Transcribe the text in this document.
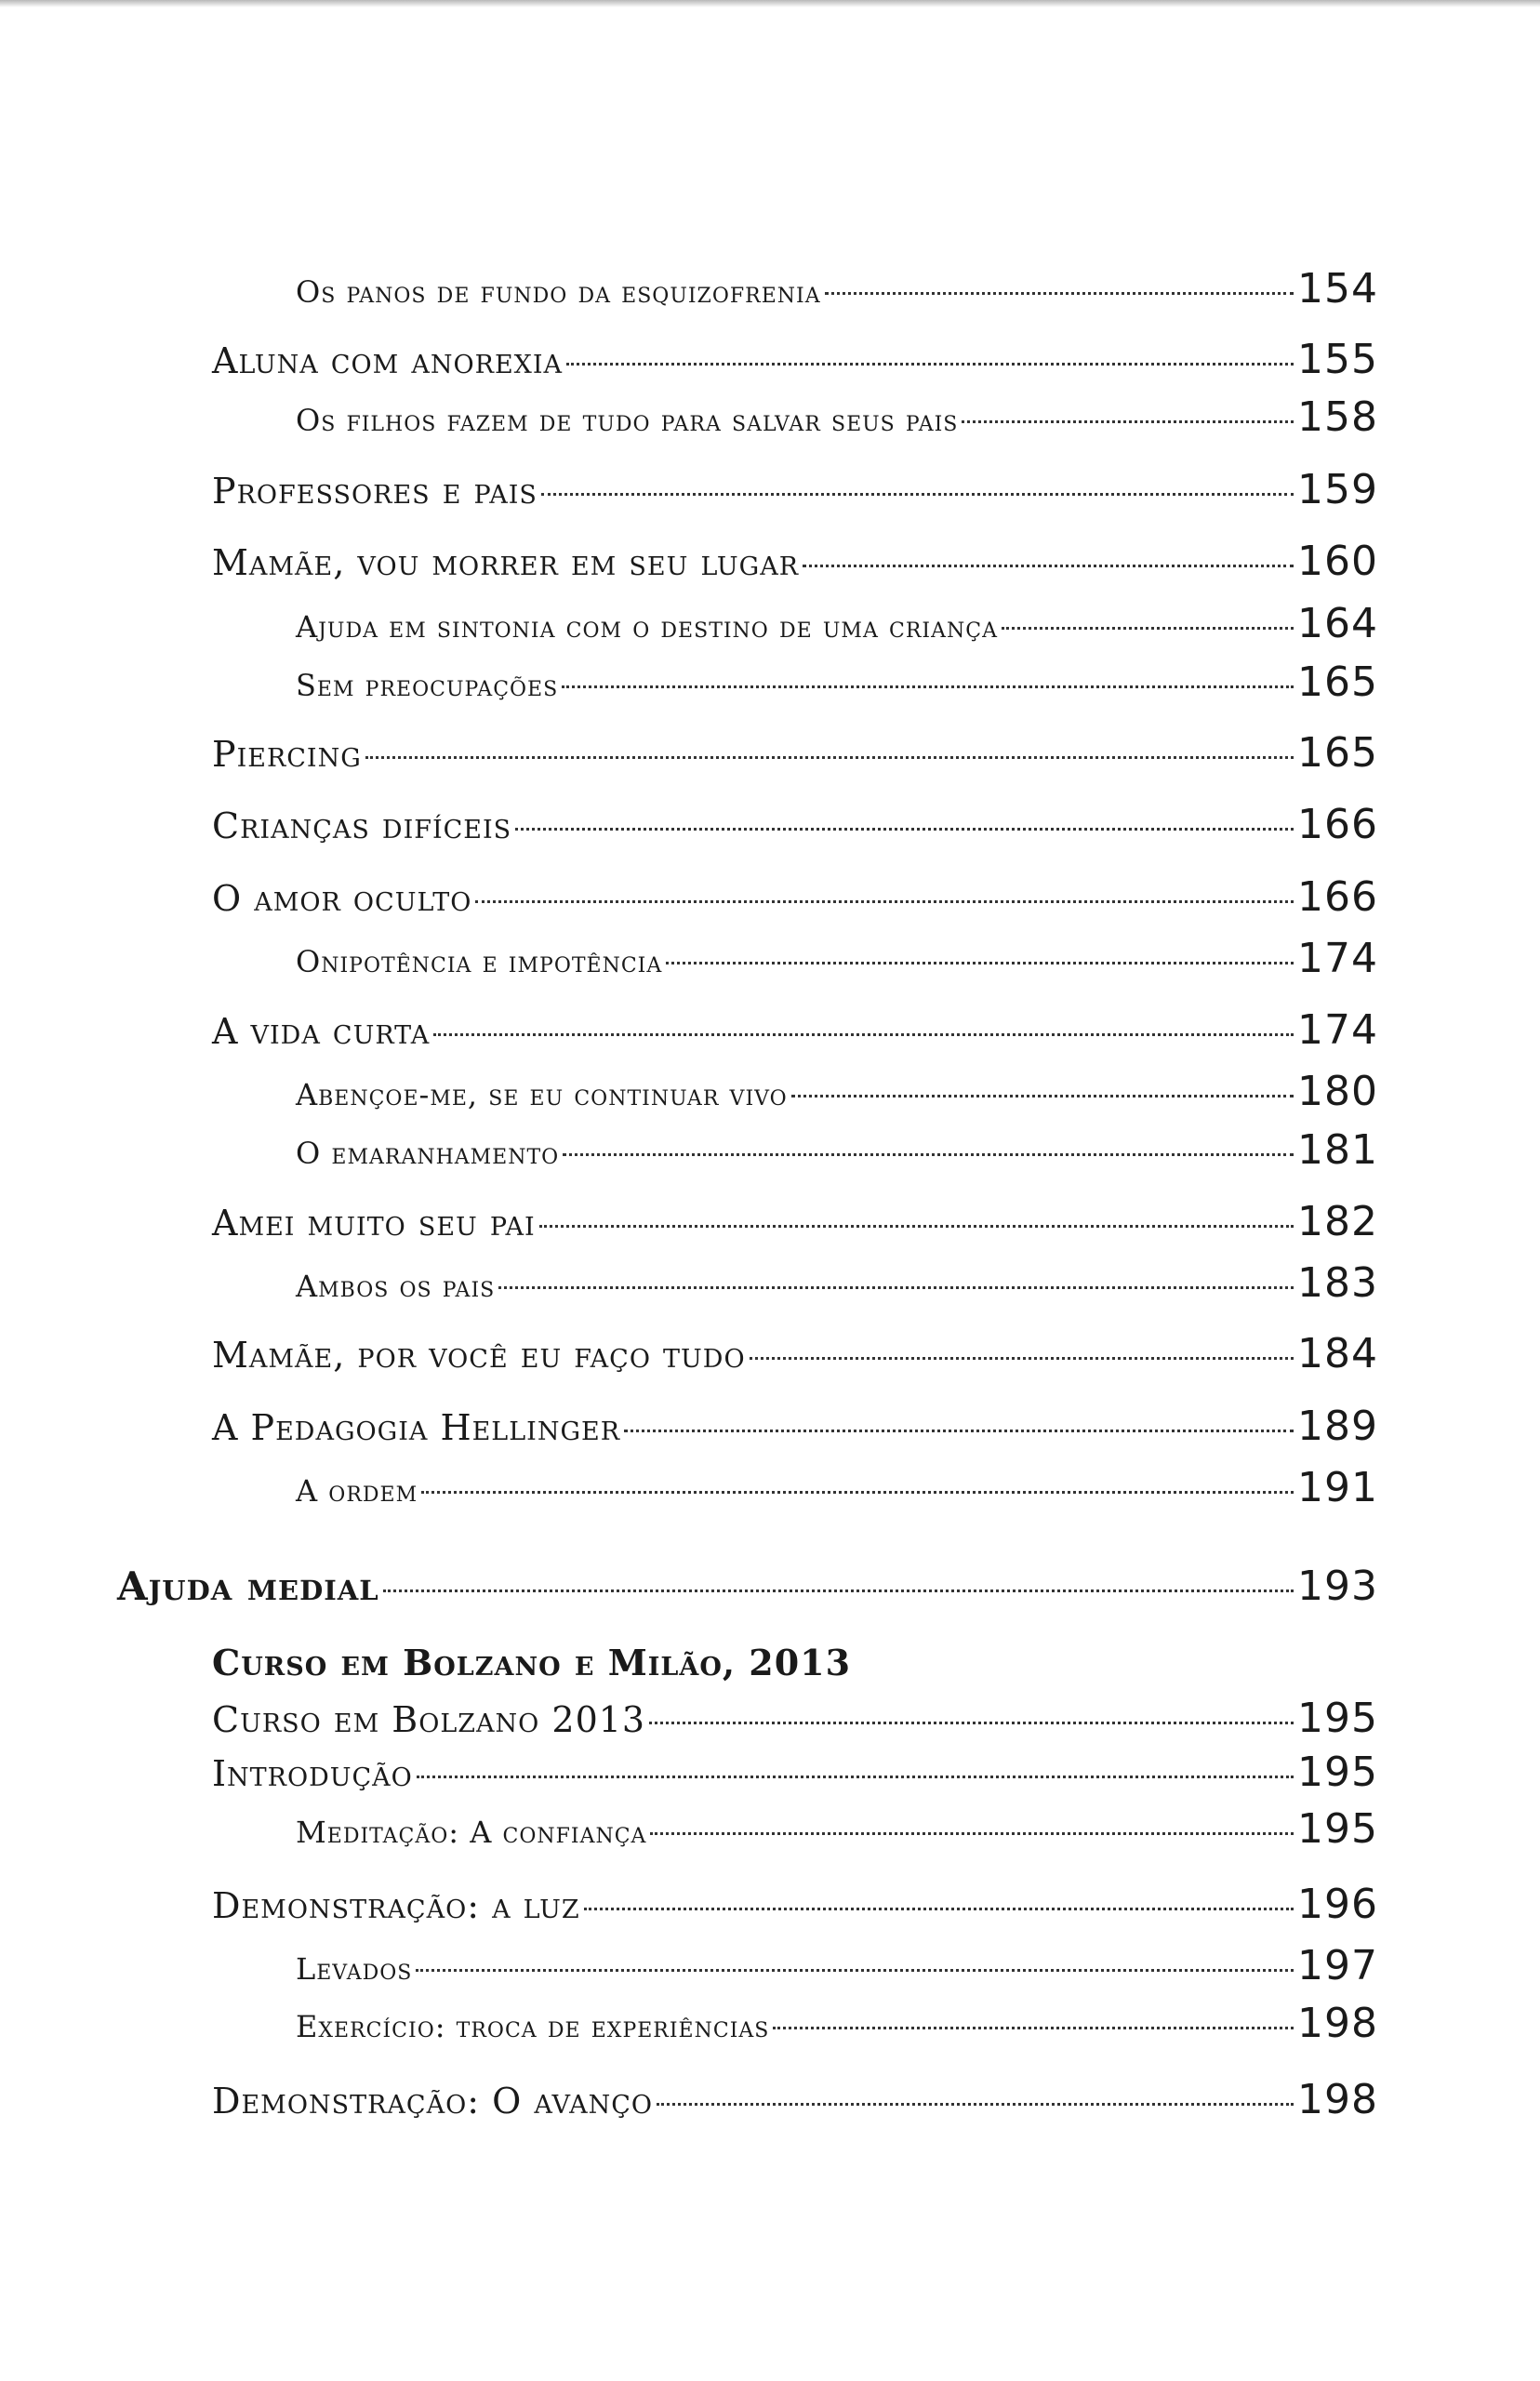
Os panos de fundo da esquizofrenia	154
Aluna com anorexia	155
Os filhos fazem de tudo para salvar seus pais	158
Professores e pais	159
Mamãe, vou morrer em seu lugar	160
Ajuda em sintonia com o destino de uma criança	164
Sem preocupações	165
Piercing	165
Crianças difíceis	166
O amor oculto	166
Onipotência e impotência	174
A vida curta	174
Abençoe-me, se eu continuar vivo	180
O emaranhamento	181
Amei muito seu pai	182
Ambos os pais	183
Mamãe, por você eu faço tudo	184
A Pedagogia Hellinger	189
A ordem	191
Ajuda medial	193
Curso em Bolzano e Milão, 2013
Curso em Bolzano 2013	195
Introdução	195
Meditação: A confiança	195
Demonstração: a luz	196
Levados	197
Exercício: troca de experiências	198
Demonstração: O avanço	198
